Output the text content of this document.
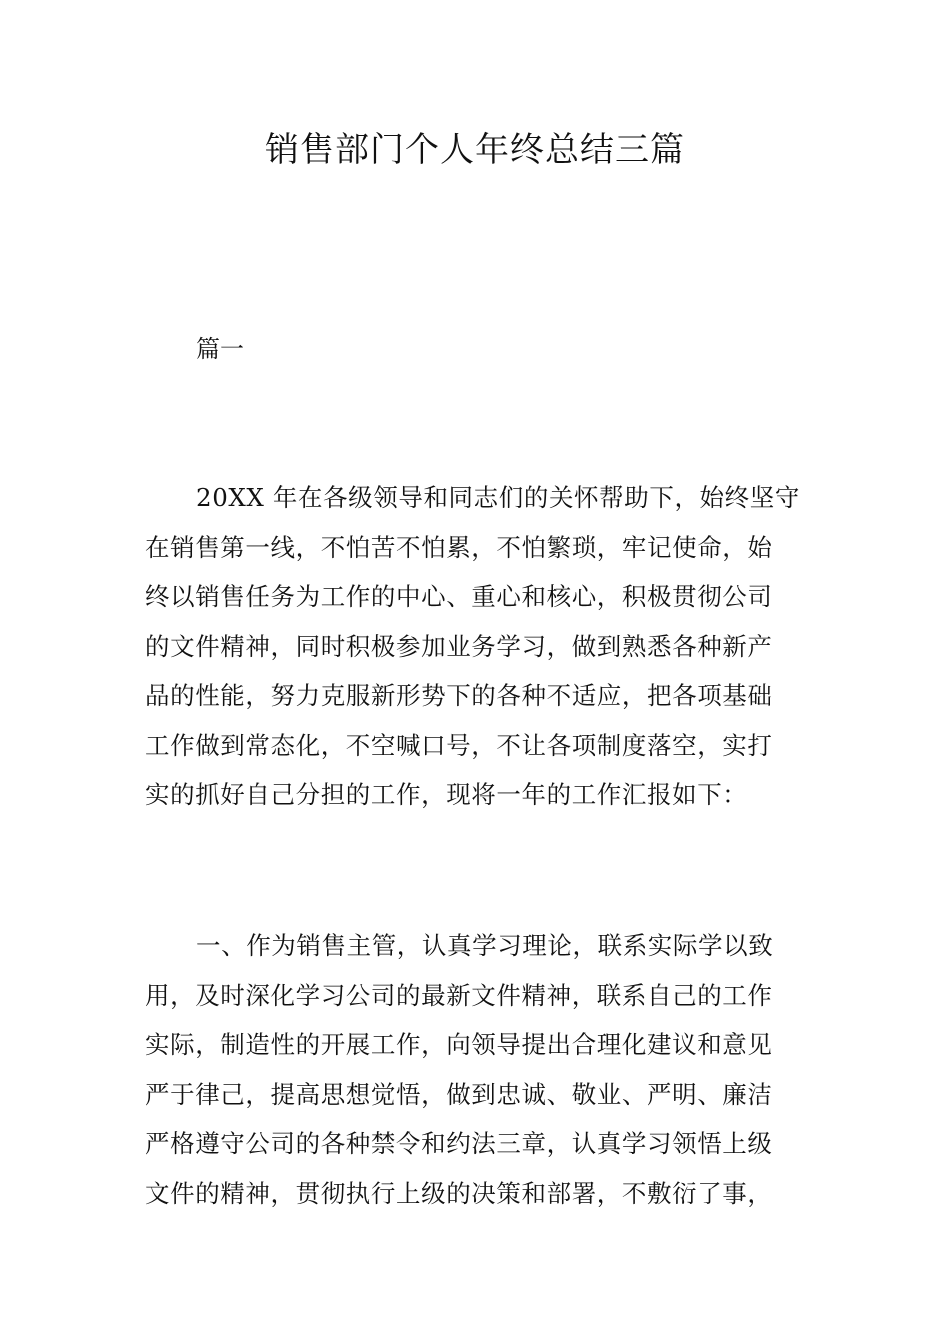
销售部门个人年终总结三篇

篇一

20XX 年在各级领导和同志们的关怀帮助下，始终坚守
在销售第一线，不怕苦不怕累，不怕繁琐，牢记使命，始
终以销售任务为工作的中心、重心和核心，积极贯彻公司
的文件精神，同时积极参加业务学习，做到熟悉各种新产
品的性能，努力克服新形势下的各种不适应，把各项基础
工作做到常态化，不空喊口号，不让各项制度落空，实打
实的抓好自己分担的工作，现将一年的工作汇报如下：
一、作为销售主管，认真学习理论，联系实际学以致
用，及时深化学习公司的最新文件精神，联系自己的工作
实际，制造性的开展工作，向领导提出合理化建议和意见
严于律己，提高思想觉悟，做到忠诚、敬业、严明、廉洁
严格遵守公司的各种禁令和约法三章，认真学习领悟上级
文件的精神，贯彻执行上级的决策和部署，不敷衍了事，
